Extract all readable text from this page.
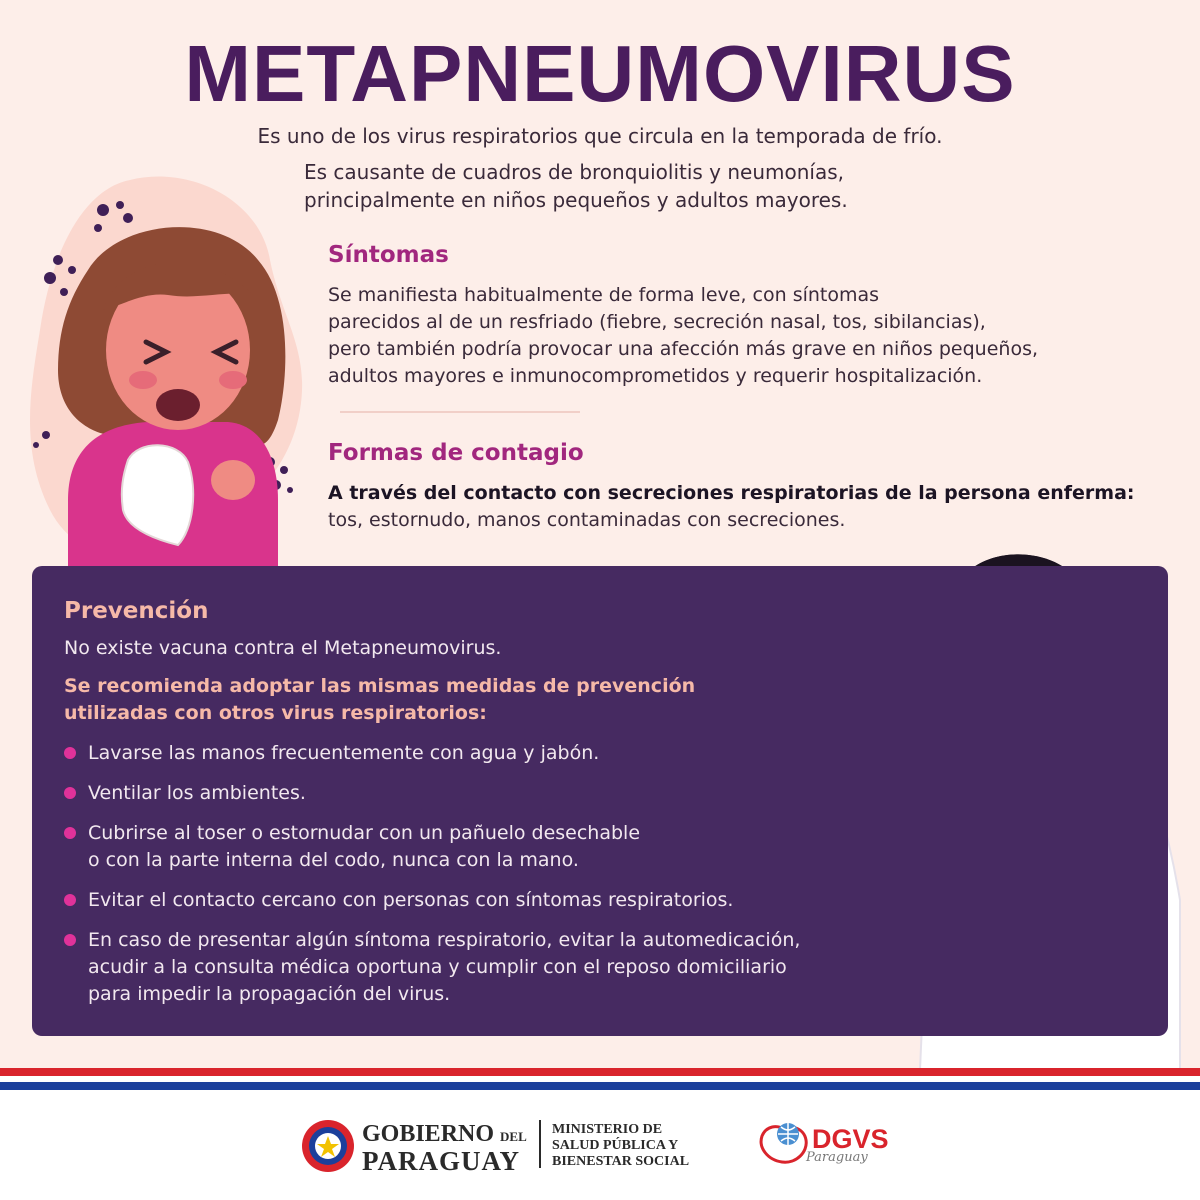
METAPNEUMOVIRUS
Es uno de los virus respiratorios que circula en la temporada de frío.
Es causante de cuadros de bronquiolitis y neumonías,
principalmente en niños pequeños y adultos mayores.
Síntomas
Se manifiesta habitualmente de forma leve, con síntomas
parecidos al de un resfriado (fiebre, secreción nasal, tos, sibilancias),
pero también podría provocar una afección más grave en niños pequeños,
adultos mayores e inmunocomprometidos y requerir hospitalización.
Formas de contagio
A través del contacto con secreciones respiratorias de la persona enferma:
tos, estornudo, manos contaminadas con secreciones.
Prevención
No existe vacuna contra el Metapneumovirus.
Se recomienda adoptar las mismas medidas de prevención
utilizadas con otros virus respiratorios:
Lavarse las manos frecuentemente con agua y jabón.
Ventilar los ambientes.
Cubrirse al toser o estornudar con un pañuelo desechable
o con la parte interna del codo, nunca con la mano.
Evitar el contacto cercano con personas con síntomas respiratorios.
En caso de presentar algún síntoma respiratorio, evitar la automedicación,
acudir a la consulta médica oportuna y cumplir con el reposo domiciliario
para impedir la propagación del virus.
GOBIERNO DEL
PARAGUAY
MINISTERIO DE
SALUD PÚBLICA Y
BIENESTAR SOCIAL
DGVS
Paraguay
